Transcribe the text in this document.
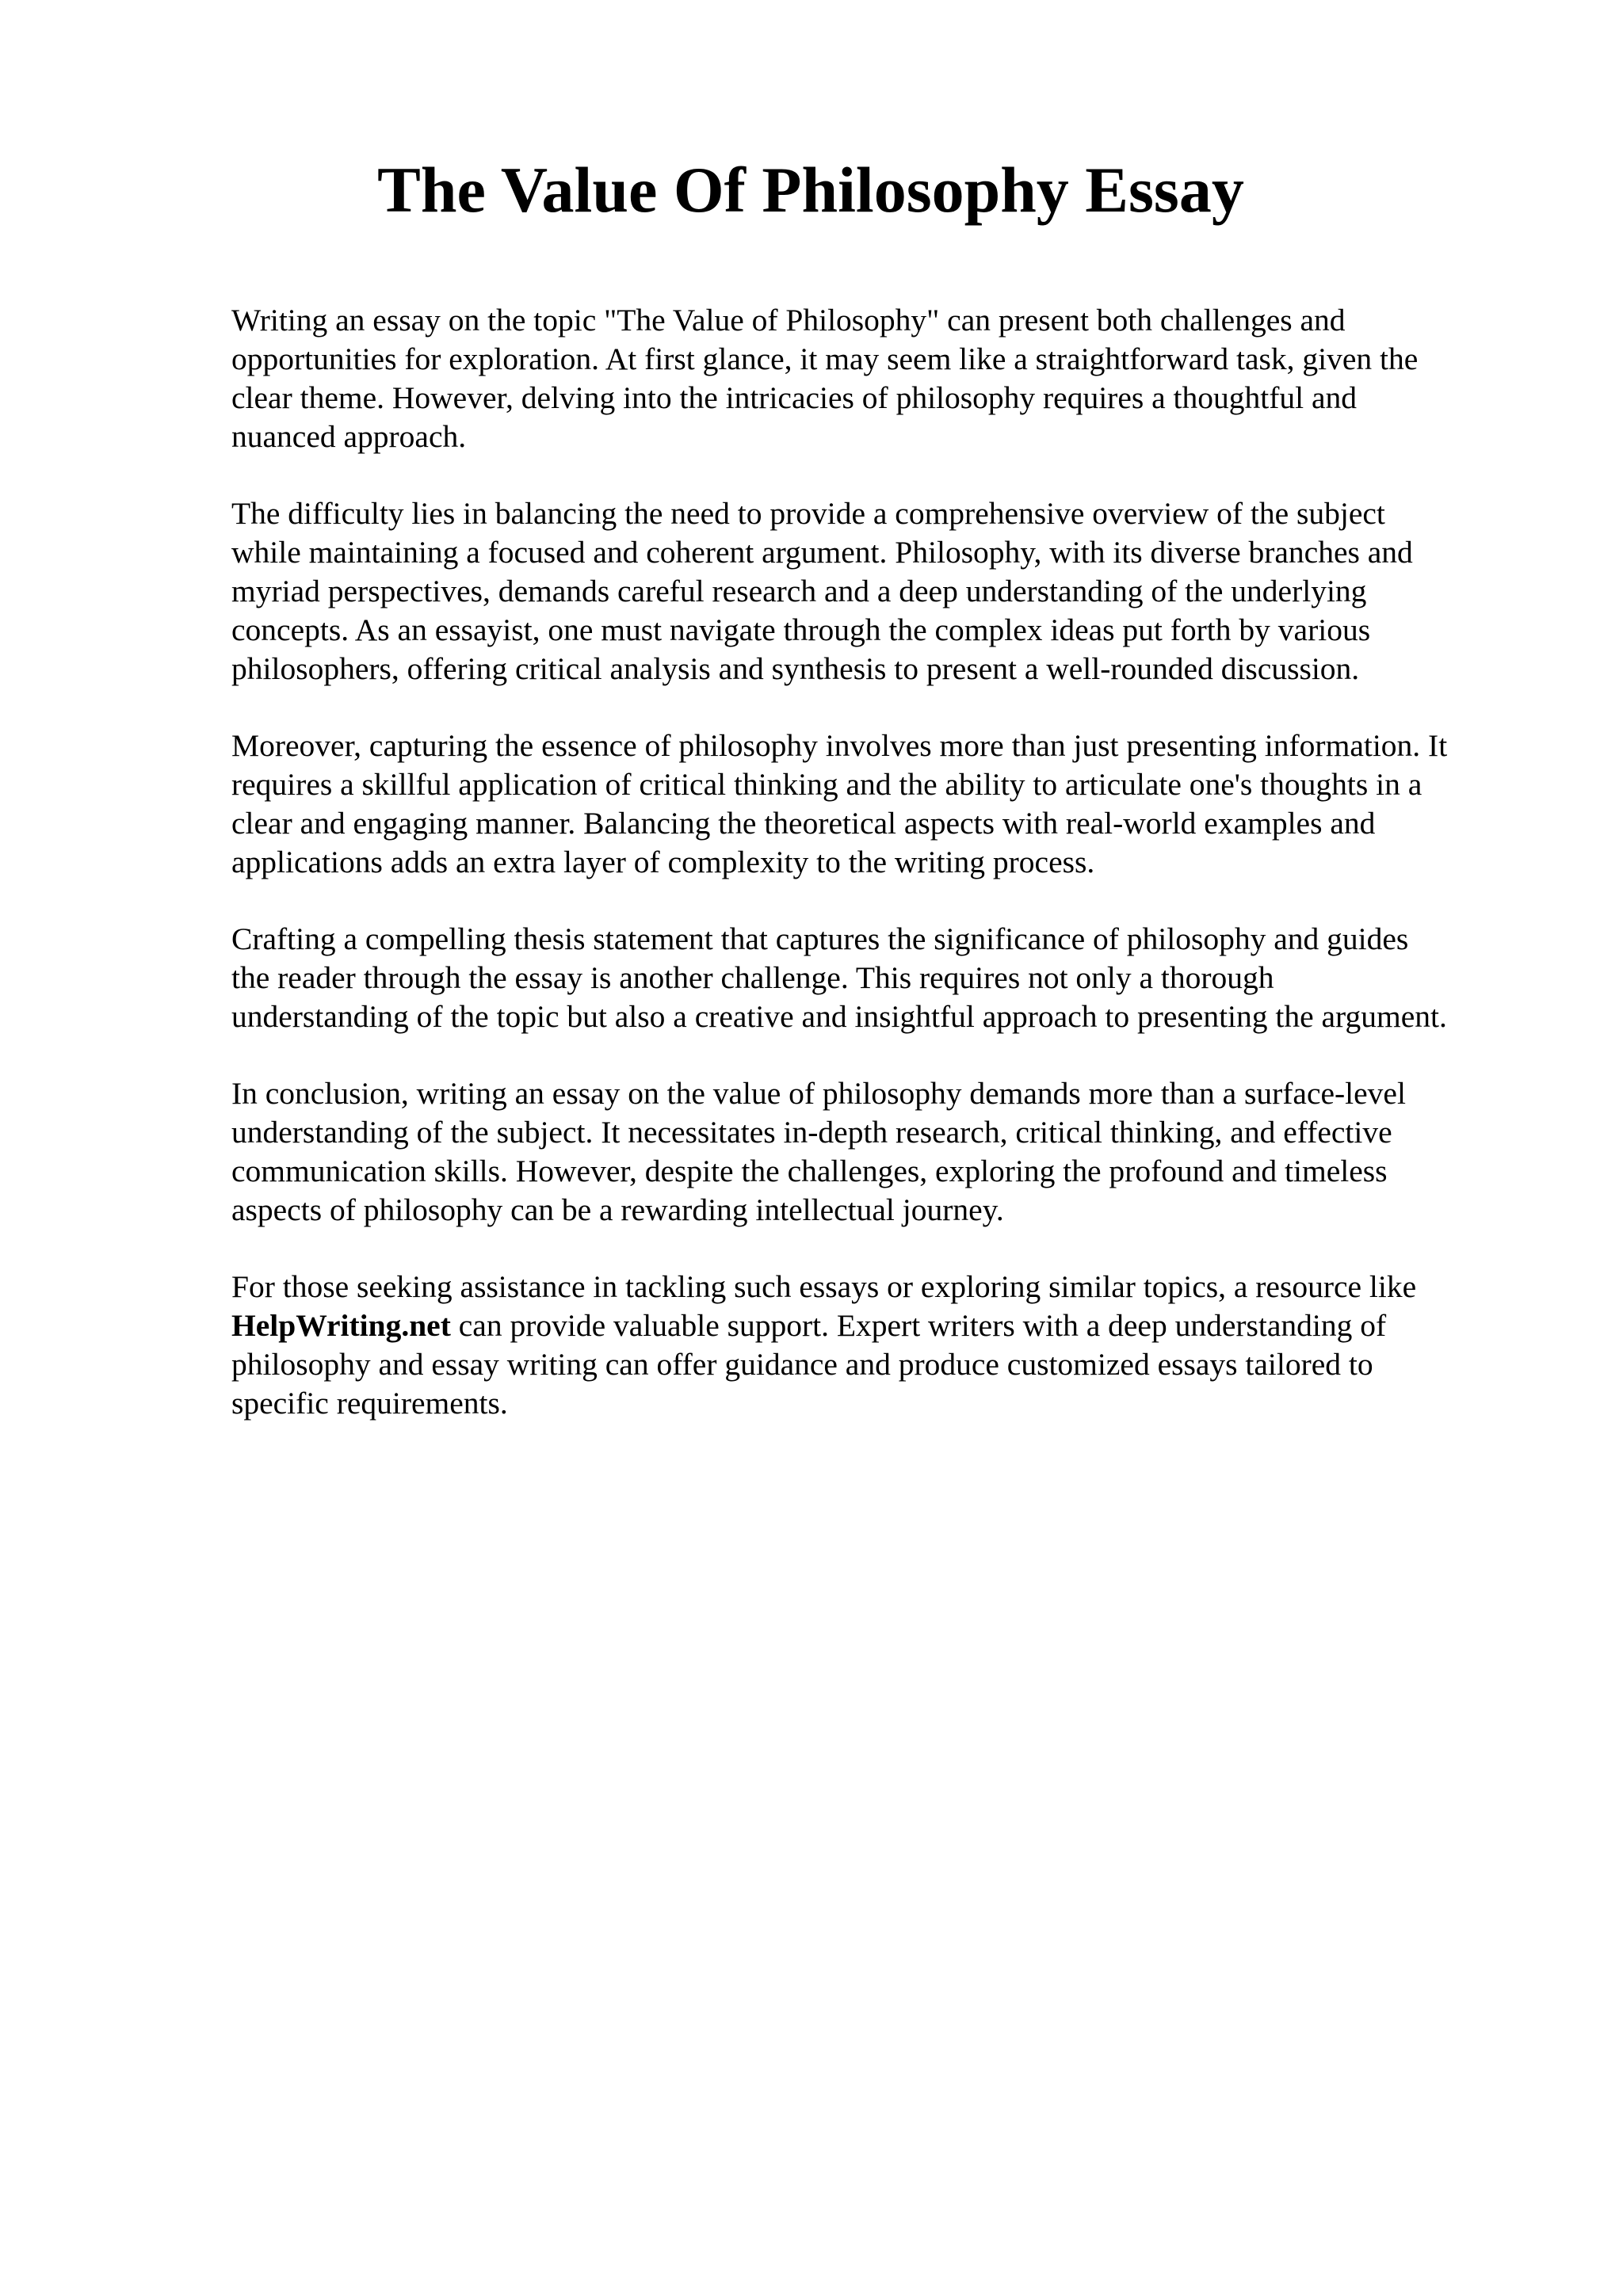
The Value Of Philosophy Essay

Writing an essay on the topic "The Value of Philosophy" can present both challenges and
opportunities for exploration. At first glance, it may seem like a straightforward task, given the
clear theme. However, delving into the intricacies of philosophy requires a thoughtful and
nuanced approach.

The difficulty lies in balancing the need to provide a comprehensive overview of the subject
while maintaining a focused and coherent argument. Philosophy, with its diverse branches and
myriad perspectives, demands careful research and a deep understanding of the underlying
concepts. As an essayist, one must navigate through the complex ideas put forth by various
philosophers, offering critical analysis and synthesis to present a well-rounded discussion.

Moreover, capturing the essence of philosophy involves more than just presenting information. It
requires a skillful application of critical thinking and the ability to articulate one's thoughts in a
clear and engaging manner. Balancing the theoretical aspects with real-world examples and
applications adds an extra layer of complexity to the writing process.

Crafting a compelling thesis statement that captures the significance of philosophy and guides
the reader through the essay is another challenge. This requires not only a thorough
understanding of the topic but also a creative and insightful approach to presenting the argument.

In conclusion, writing an essay on the value of philosophy demands more than a surface-level
understanding of the subject. It necessitates in-depth research, critical thinking, and effective
communication skills. However, despite the challenges, exploring the profound and timeless
aspects of philosophy can be a rewarding intellectual journey.

For those seeking assistance in tackling such essays or exploring similar topics, a resource like
HelpWriting.net can provide valuable support. Expert writers with a deep understanding of
philosophy and essay writing can offer guidance and produce customized essays tailored to
specific requirements.
